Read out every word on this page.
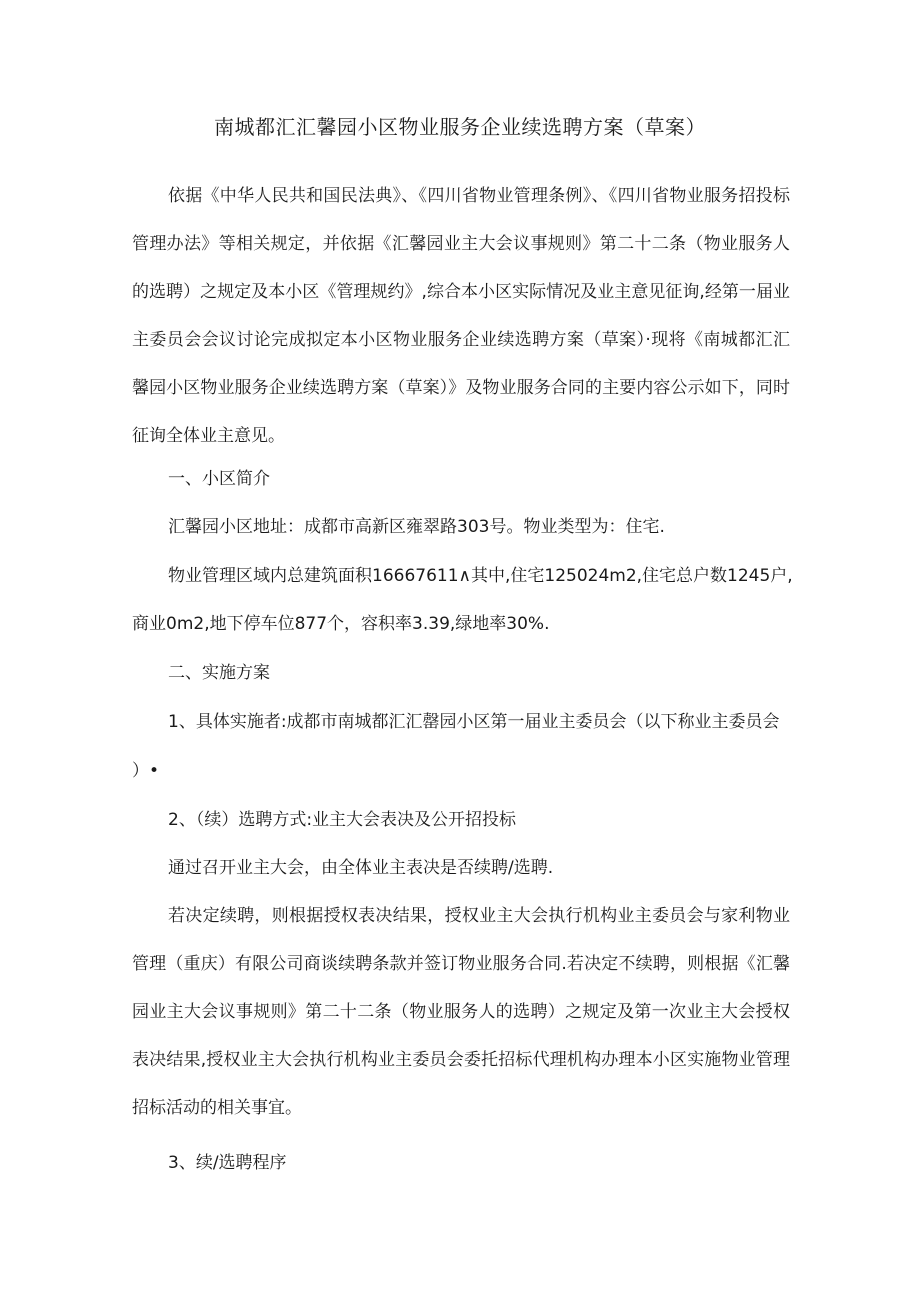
南城都汇汇馨园小区物业服务企业续选聘方案（草案）

依据《中华人民共和国民法典》、《四川省物业管理条例》、《四川省物业服务招投标管理办法》等相关规定，并依据《汇馨园业主大会议事规则》第二十二条（物业服务人的选聘）之规定及本小区《管理规约》,综合本小区实际情况及业主意见征询,经第一届业主委员会会议讨论完成拟定本小区物业服务企业续选聘方案（草案）·现将《南城都汇汇馨园小区物业服务企业续选聘方案（草案）》及物业服务合同的主要内容公示如下，同时征询全体业主意见。

一、小区简介

汇馨园小区地址：成都市高新区雍翠路303号。物业类型为：住宅.

物业管理区域内总建筑面积16667611∧其中,住宅125024m2,住宅总户数1245户,

商业0m2,地下停车位877个，容积率3.39,绿地率30%.

二、实施方案

1、具体实施者:成都市南城都汇汇罄园小区第一届业主委员会（以下称业主委员会

）•

2、（续）选聘方式:业主大会表决及公开招投标

通过召开业主大会，由全体业主表决是否续聘/选聘.

若决定续聘，则根据授权表决结果，授权业主大会执行机构业主委员会与家利物业管理（重庆）有限公司商谈续聘条款并签订物业服务合同.若决定不续聘，则根据《汇馨园业主大会议事规则》第二十二条（物业服务人的选聘）之规定及第一次业主大会授权表决结果,授权业主大会执行机构业主委员会委托招标代理机构办理本小区实施物业管理招标活动的相关事宜。

3、续/选聘程序
